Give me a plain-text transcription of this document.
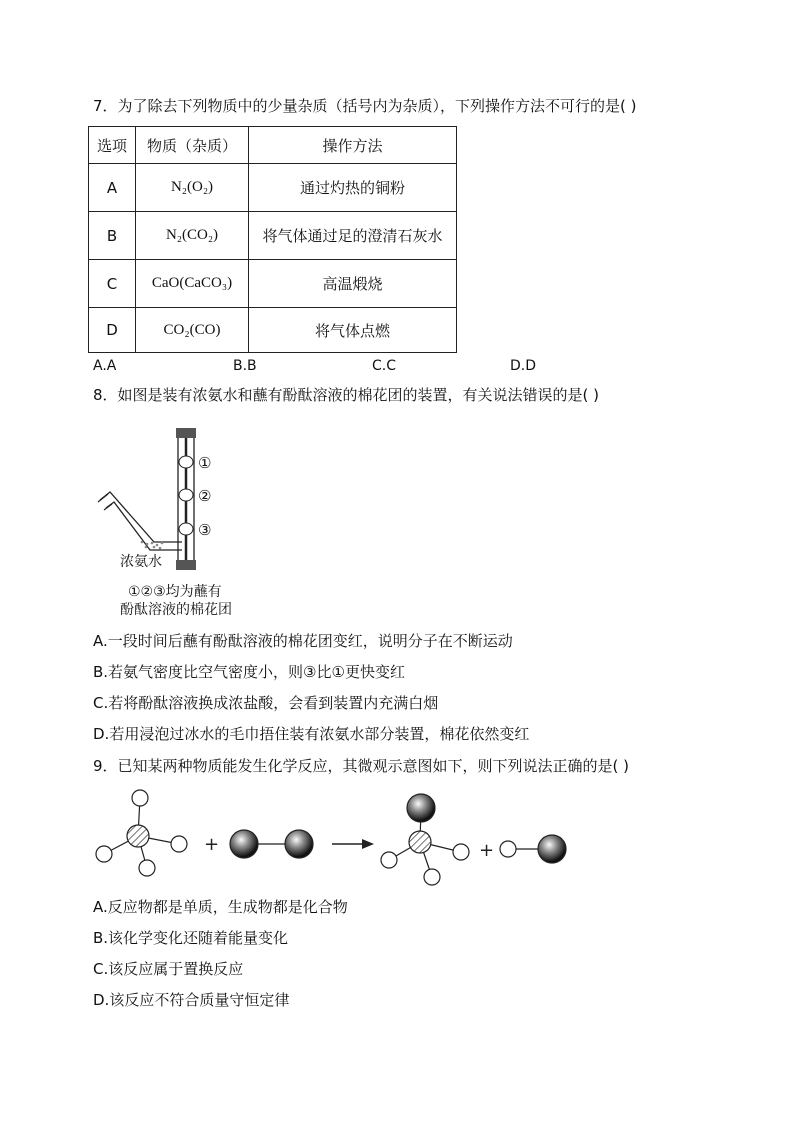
7．为了除去下列物质中的少量杂质（括号内为杂质），下列操作方法不可行的是( )
选项	物质（杂质）	操作方法
A	N₂(O₂)	通过灼热的铜粉
B	N₂(CO₂)	将气体通过足的澄清石灰水
C	CaO(CaCO₃)	高温煅烧
D	CO₂(CO)	将气体点燃
A.A	B.B	C.C	D.D
8．如图是装有浓氨水和蘸有酚酞溶液的棉花团的装置，有关说法错误的是( )
①
②
③
浓氨水
①②③均为蘸有
酚酞溶液的棉花团
A.一段时间后蘸有酚酞溶液的棉花团变红，说明分子在不断运动
B.若氨气密度比空气密度小，则③比①更快变红
C.若将酚酞溶液换成浓盐酸，会看到装置内充满白烟
D.若用浸泡过冰水的毛巾捂住装有浓氨水部分装置，棉花依然变红
9．已知某两种物质能发生化学反应，其微观示意图如下，则下列说法正确的是( )
+	+
A.反应物都是单质，生成物都是化合物
B.该化学变化还随着能量变化
C.该反应属于置换反应
D.该反应不符合质量守恒定律
